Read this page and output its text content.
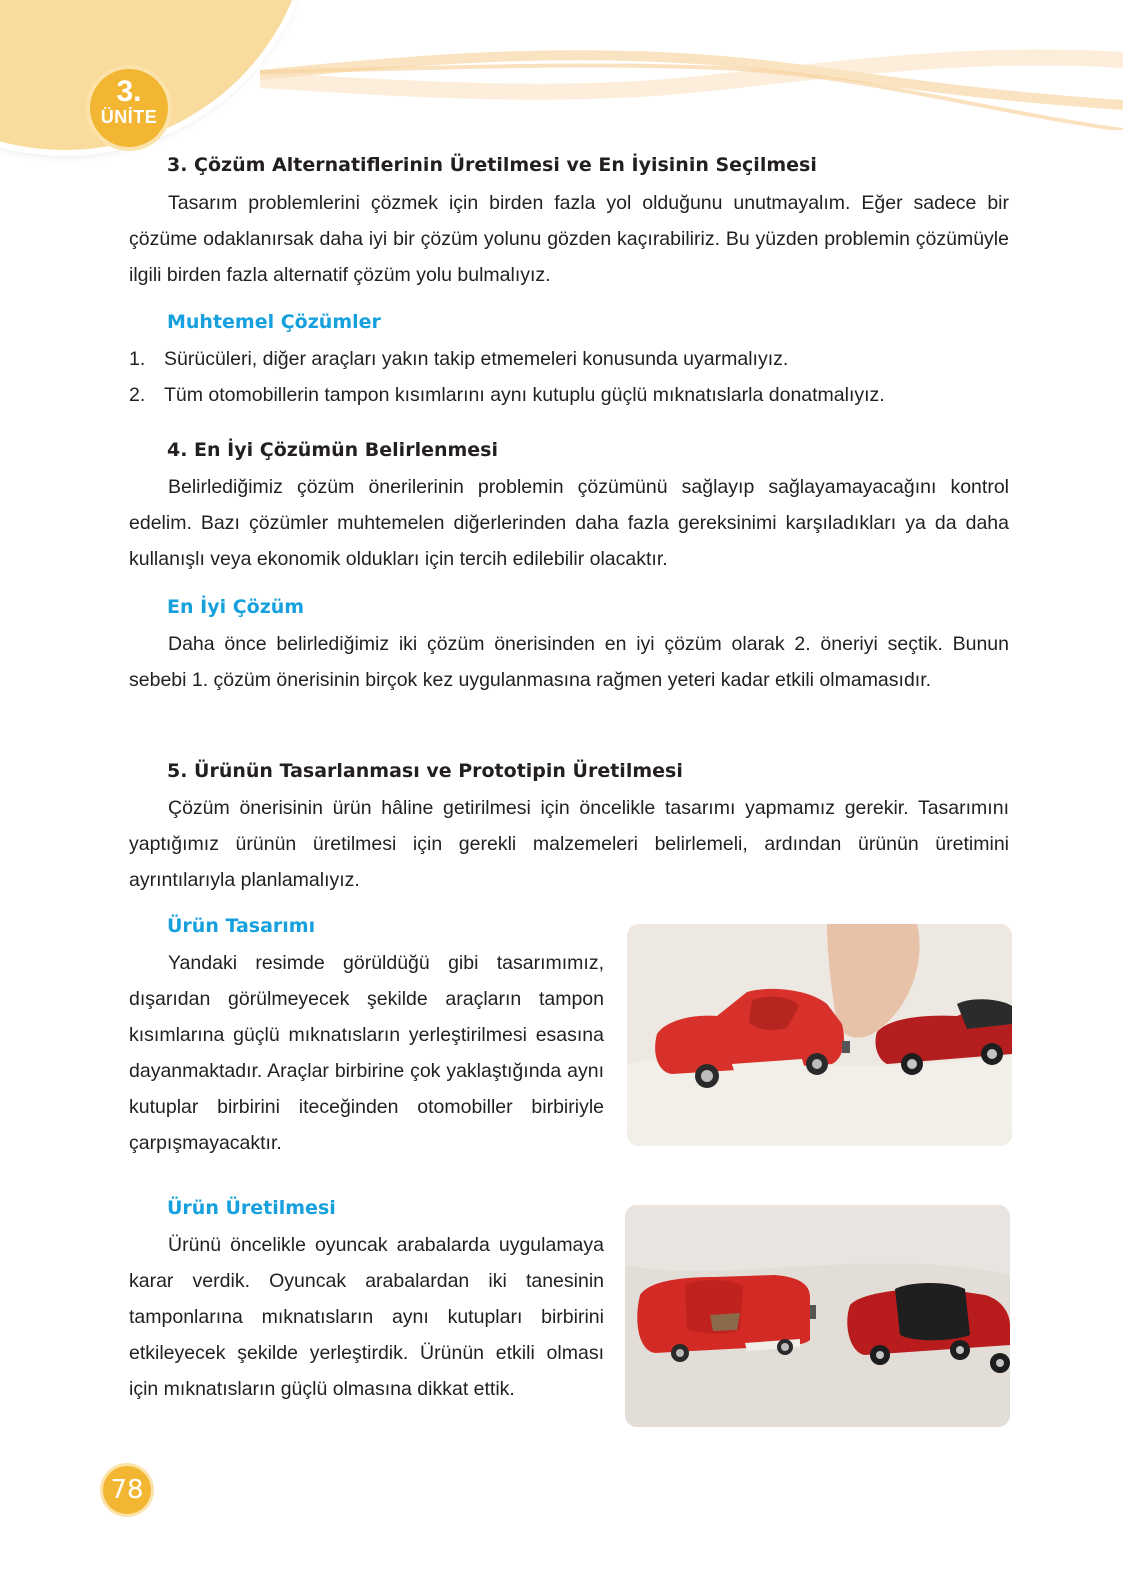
3.
ÜNİTE
3. Çözüm Alternatiflerinin Üretilmesi ve En İyisinin Seçilmesi
Tasarım problemlerini çözmek için birden fazla yol olduğunu unutmayalım. Eğer sadece bir çözüme odaklanırsak daha iyi bir çözüm yolunu gözden kaçırabiliriz. Bu yüzden problemin çözümüyle ilgili birden fazla alternatif çözüm yolu bulmalıyız.
Muhtemel Çözümler
1. Sürücüleri, diğer araçları yakın takip etmemeleri konusunda uyarmalıyız.
2. Tüm otomobillerin tampon kısımlarını aynı kutuplu güçlü mıknatıslarla donatmalıyız.
4. En İyi Çözümün Belirlenmesi
Belirlediğimiz çözüm önerilerinin problemin çözümünü sağlayıp sağlayamayacağını kontrol edelim. Bazı çözümler muhtemelen diğerlerinden daha fazla gereksinimi karşıladıkları ya da daha kullanışlı veya ekonomik oldukları için tercih edilebilir olacaktır.
En İyi Çözüm
Daha önce belirlediğimiz iki çözüm önerisinden en iyi çözüm olarak 2. öneriyi seçtik. Bunun sebebi 1. çözüm önerisinin birçok kez uygulanmasına rağmen yeteri kadar etkili olmamasıdır.
5. Ürünün Tasarlanması ve Prototipin Üretilmesi
Çözüm önerisinin ürün hâline getirilmesi için öncelikle tasarımı yapmamız gerekir. Tasarımını yaptığımız ürünün üretilmesi için gerekli malzemeleri belirlemeli, ardından ürünün üretimini ayrıntılarıyla planlamalıyız.
Ürün Tasarımı
Yandaki resimde görüldüğü gibi tasarımımız, dışarıdan görülmeyecek şekilde araçların tampon kısımlarına güçlü mıknatısların yerleştirilmesi esasına dayanmaktadır. Araçlar birbirine çok yaklaştığında aynı kutuplar birbirini iteceğinden otomobiller birbiriyle çarpışmayacaktır.
Ürün Üretilmesi
Ürünü öncelikle oyuncak arabalarda uygulamaya karar verdik. Oyuncak arabalardan iki tanesinin tamponlarına mıknatısların aynı kutupları birbirini etkileyecek şekilde yerleştirdik. Ürünün etkili olması için mıknatısların güçlü olmasına dikkat ettik.
78
